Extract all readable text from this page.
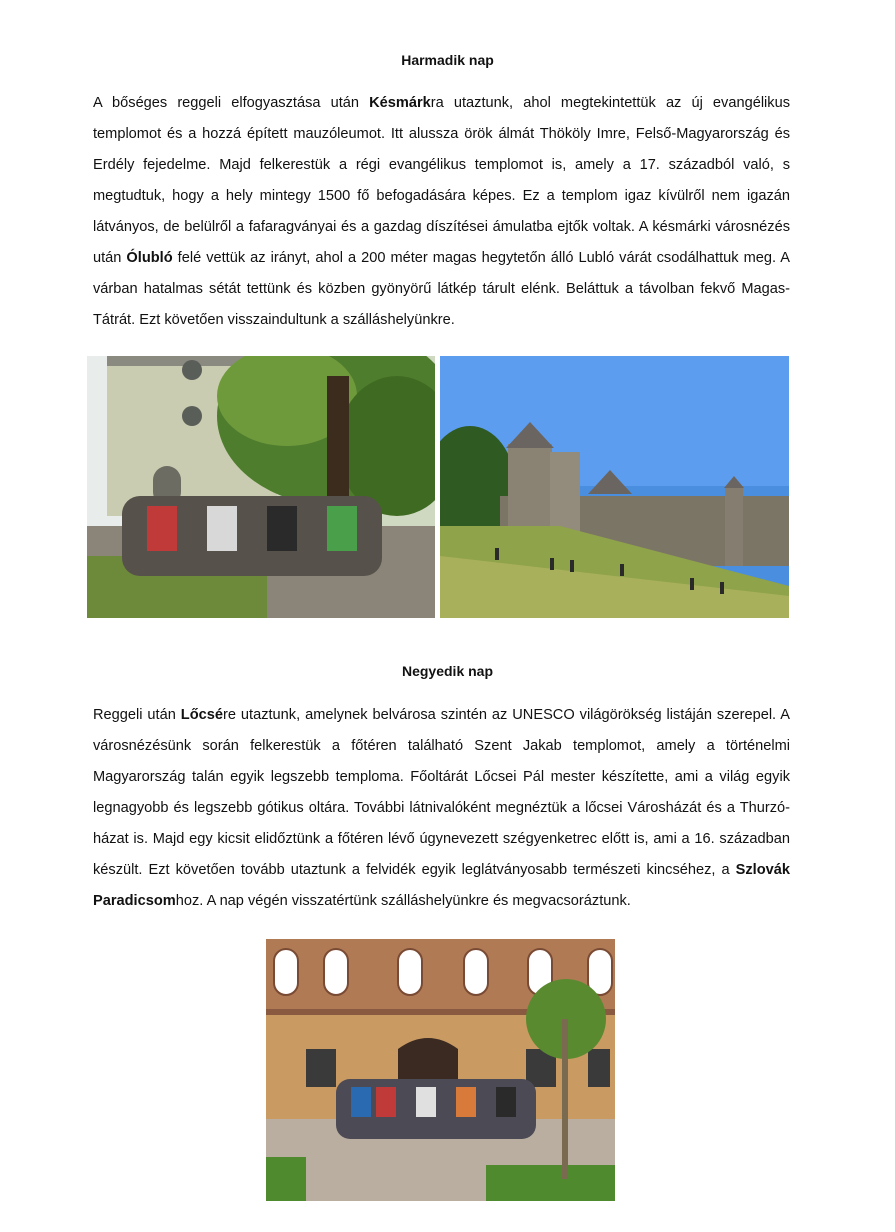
Harmadik nap
A bőséges reggeli elfogyasztása után Késmárkra utaztunk, ahol megtekintettük az új evangélikus templomot és a hozzá épített mauzóleumot. Itt alussza örök álmát Thököly Imre, Felső-Magyarország és Erdély fejedelme. Majd felkerestük a régi evangélikus templomot is, amely a 17. századból való, s megtudtuk, hogy a hely mintegy 1500 fő befogadására képes. Ez a templom igaz kívülről nem igazán látványos, de belülről a fafaragványai és a gazdag díszítései ámulatba ejtők voltak. A késmárki városnézés után Ólubló felé vettük az irányt, ahol a 200 méter magas hegytetőn álló Lubló várát csodálhattuk meg. A várban hatalmas sétát tettünk és közben gyönyörű látkép tárult elénk. Beláttuk a távolban fekvő Magas-Tátrát. Ezt követően visszaindultunk a szálláshelyünkre.
Negyedik nap
Reggeli után Lőcsére utaztunk, amelynek belvárosa szintén az UNESCO világörökség listáján szerepel. A városnézésünk során felkerestük a főtéren található Szent Jakab templomot, amely a történelmi Magyarország talán egyik legszebb temploma. Főoltárát Lőcsei Pál mester készítette, ami a világ egyik legnagyobb és legszebb gótikus oltára. További látnivalóként megnéztük a lőcsei Városházát és a Thurzó-házat is. Majd egy kicsit elidőztünk a főtéren lévő úgynevezett szégyenketrec előtt is, ami a 16. században készült. Ezt követően tovább utaztunk a felvidék egyik leglátványosabb természeti kincséhez, a Szlovák Paradicsomhoz. A nap végén visszatértünk szálláshelyünkre és megvacsoráztunk.
